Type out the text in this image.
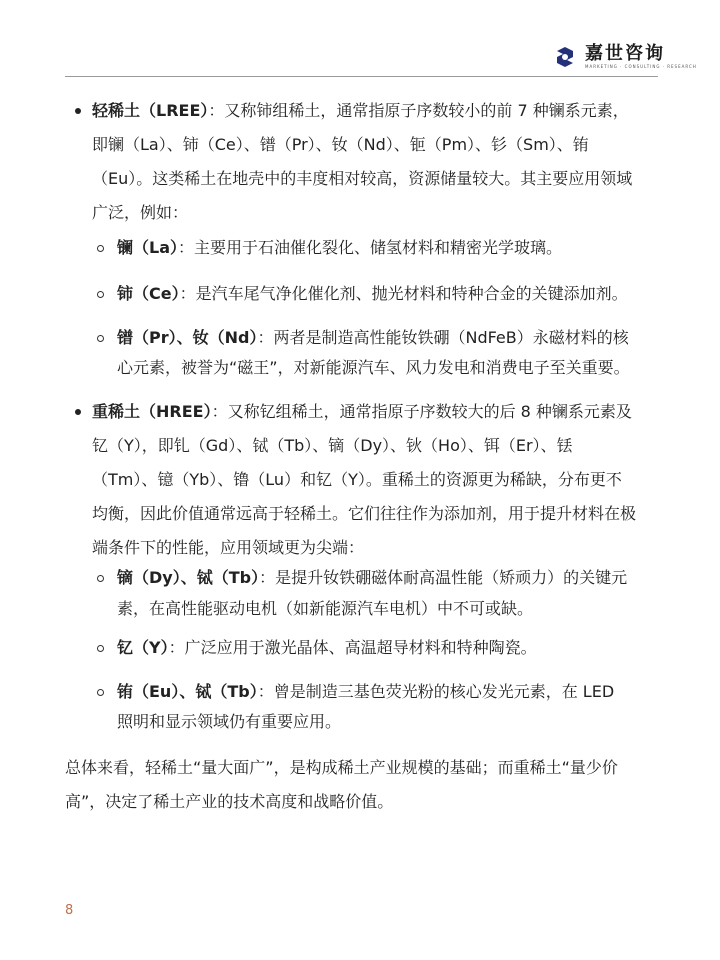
嘉世咨询
MARKETING · CONSULTING · RESEARCH
轻稀土（LREE）：又称铈组稀土，通常指原子序数较小的前 7 种镧系元素，
即镧（La）、铈（Ce）、镨（Pr）、钕（Nd）、钷（Pm）、钐（Sm）、铕
（Eu）。这类稀土在地壳中的丰度相对较高，资源储量较大。其主要应用领域
广泛，例如：
镧（La）：主要用于石油催化裂化、储氢材料和精密光学玻璃。
铈（Ce）：是汽车尾气净化催化剂、抛光材料和特种合金的关键添加剂。
镨（Pr）、钕（Nd）：两者是制造高性能钕铁硼（NdFeB）永磁材料的核
心元素，被誉为“磁王”，对新能源汽车、风力发电和消费电子至关重要。
重稀土（HREE）：又称钇组稀土，通常指原子序数较大的后 8 种镧系元素及
钇（Y），即钆（Gd）、铽（Tb）、镝（Dy）、钬（Ho）、铒（Er）、铥
（Tm）、镱（Yb）、镥（Lu）和钇（Y）。重稀土的资源更为稀缺，分布更不
均衡，因此价值通常远高于轻稀土。它们往往作为添加剂，用于提升材料在极
端条件下的性能，应用领域更为尖端：
镝（Dy）、铽（Tb）：是提升钕铁硼磁体耐高温性能（矫顽力）的关键元
素，在高性能驱动电机（如新能源汽车电机）中不可或缺。
钇（Y）：广泛应用于激光晶体、高温超导材料和特种陶瓷。
铕（Eu）、铽（Tb）：曾是制造三基色荧光粉的核心发光元素，在 LED
照明和显示领域仍有重要应用。
总体来看，轻稀土“量大面广”，是构成稀土产业规模的基础；而重稀土“量少价
高”，决定了稀土产业的技术高度和战略价值。
8
